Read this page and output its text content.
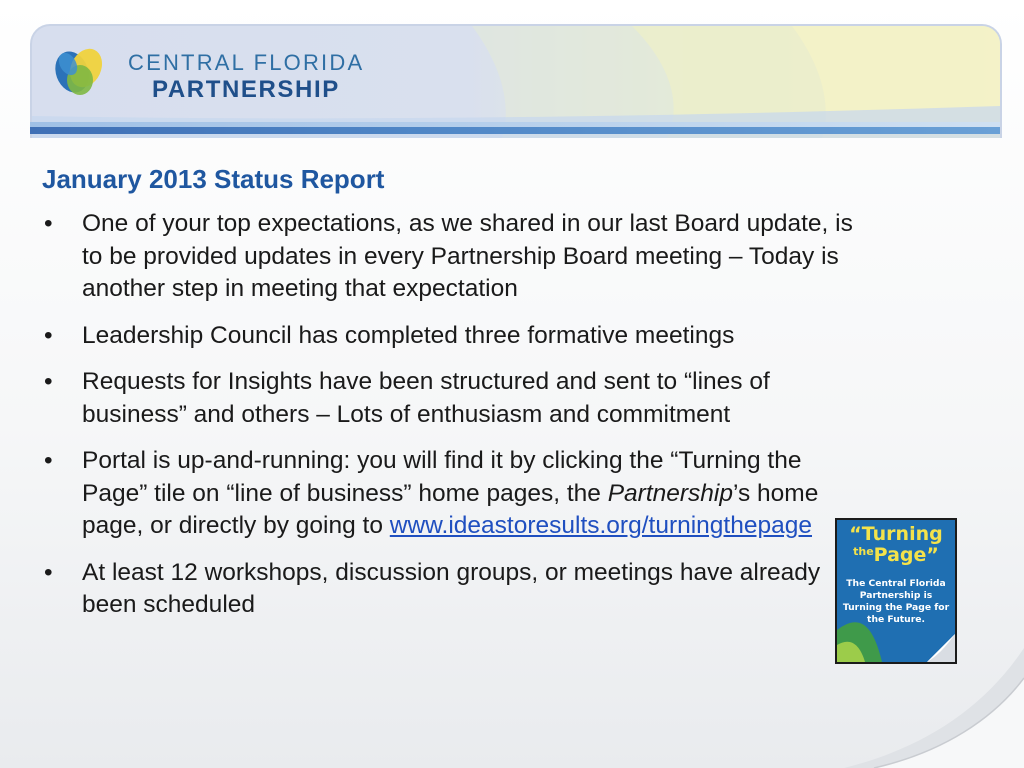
CENTRAL FLORIDA
PARTNERSHIP
January 2013 Status Report
• One of your top expectations, as we shared in our last Board update, is to be provided updates in every Partnership Board meeting – Today is another step in meeting that expectation
• Leadership Council has completed three formative meetings
• Requests for Insights have been structured and sent to “lines of business” and others – Lots of enthusiasm and commitment
• Portal is up-and-running: you will find it by clicking the “Turning the Page” tile on “line of business” home pages, the Partnership’s home page, or directly by going to www.ideastoresults.org/turningthepage
• At least 12 workshops, discussion groups, or meetings have already been scheduled
“Turning
$^{the}$Page”
The Central Florida Partnership is Turning the Page for the Future.
